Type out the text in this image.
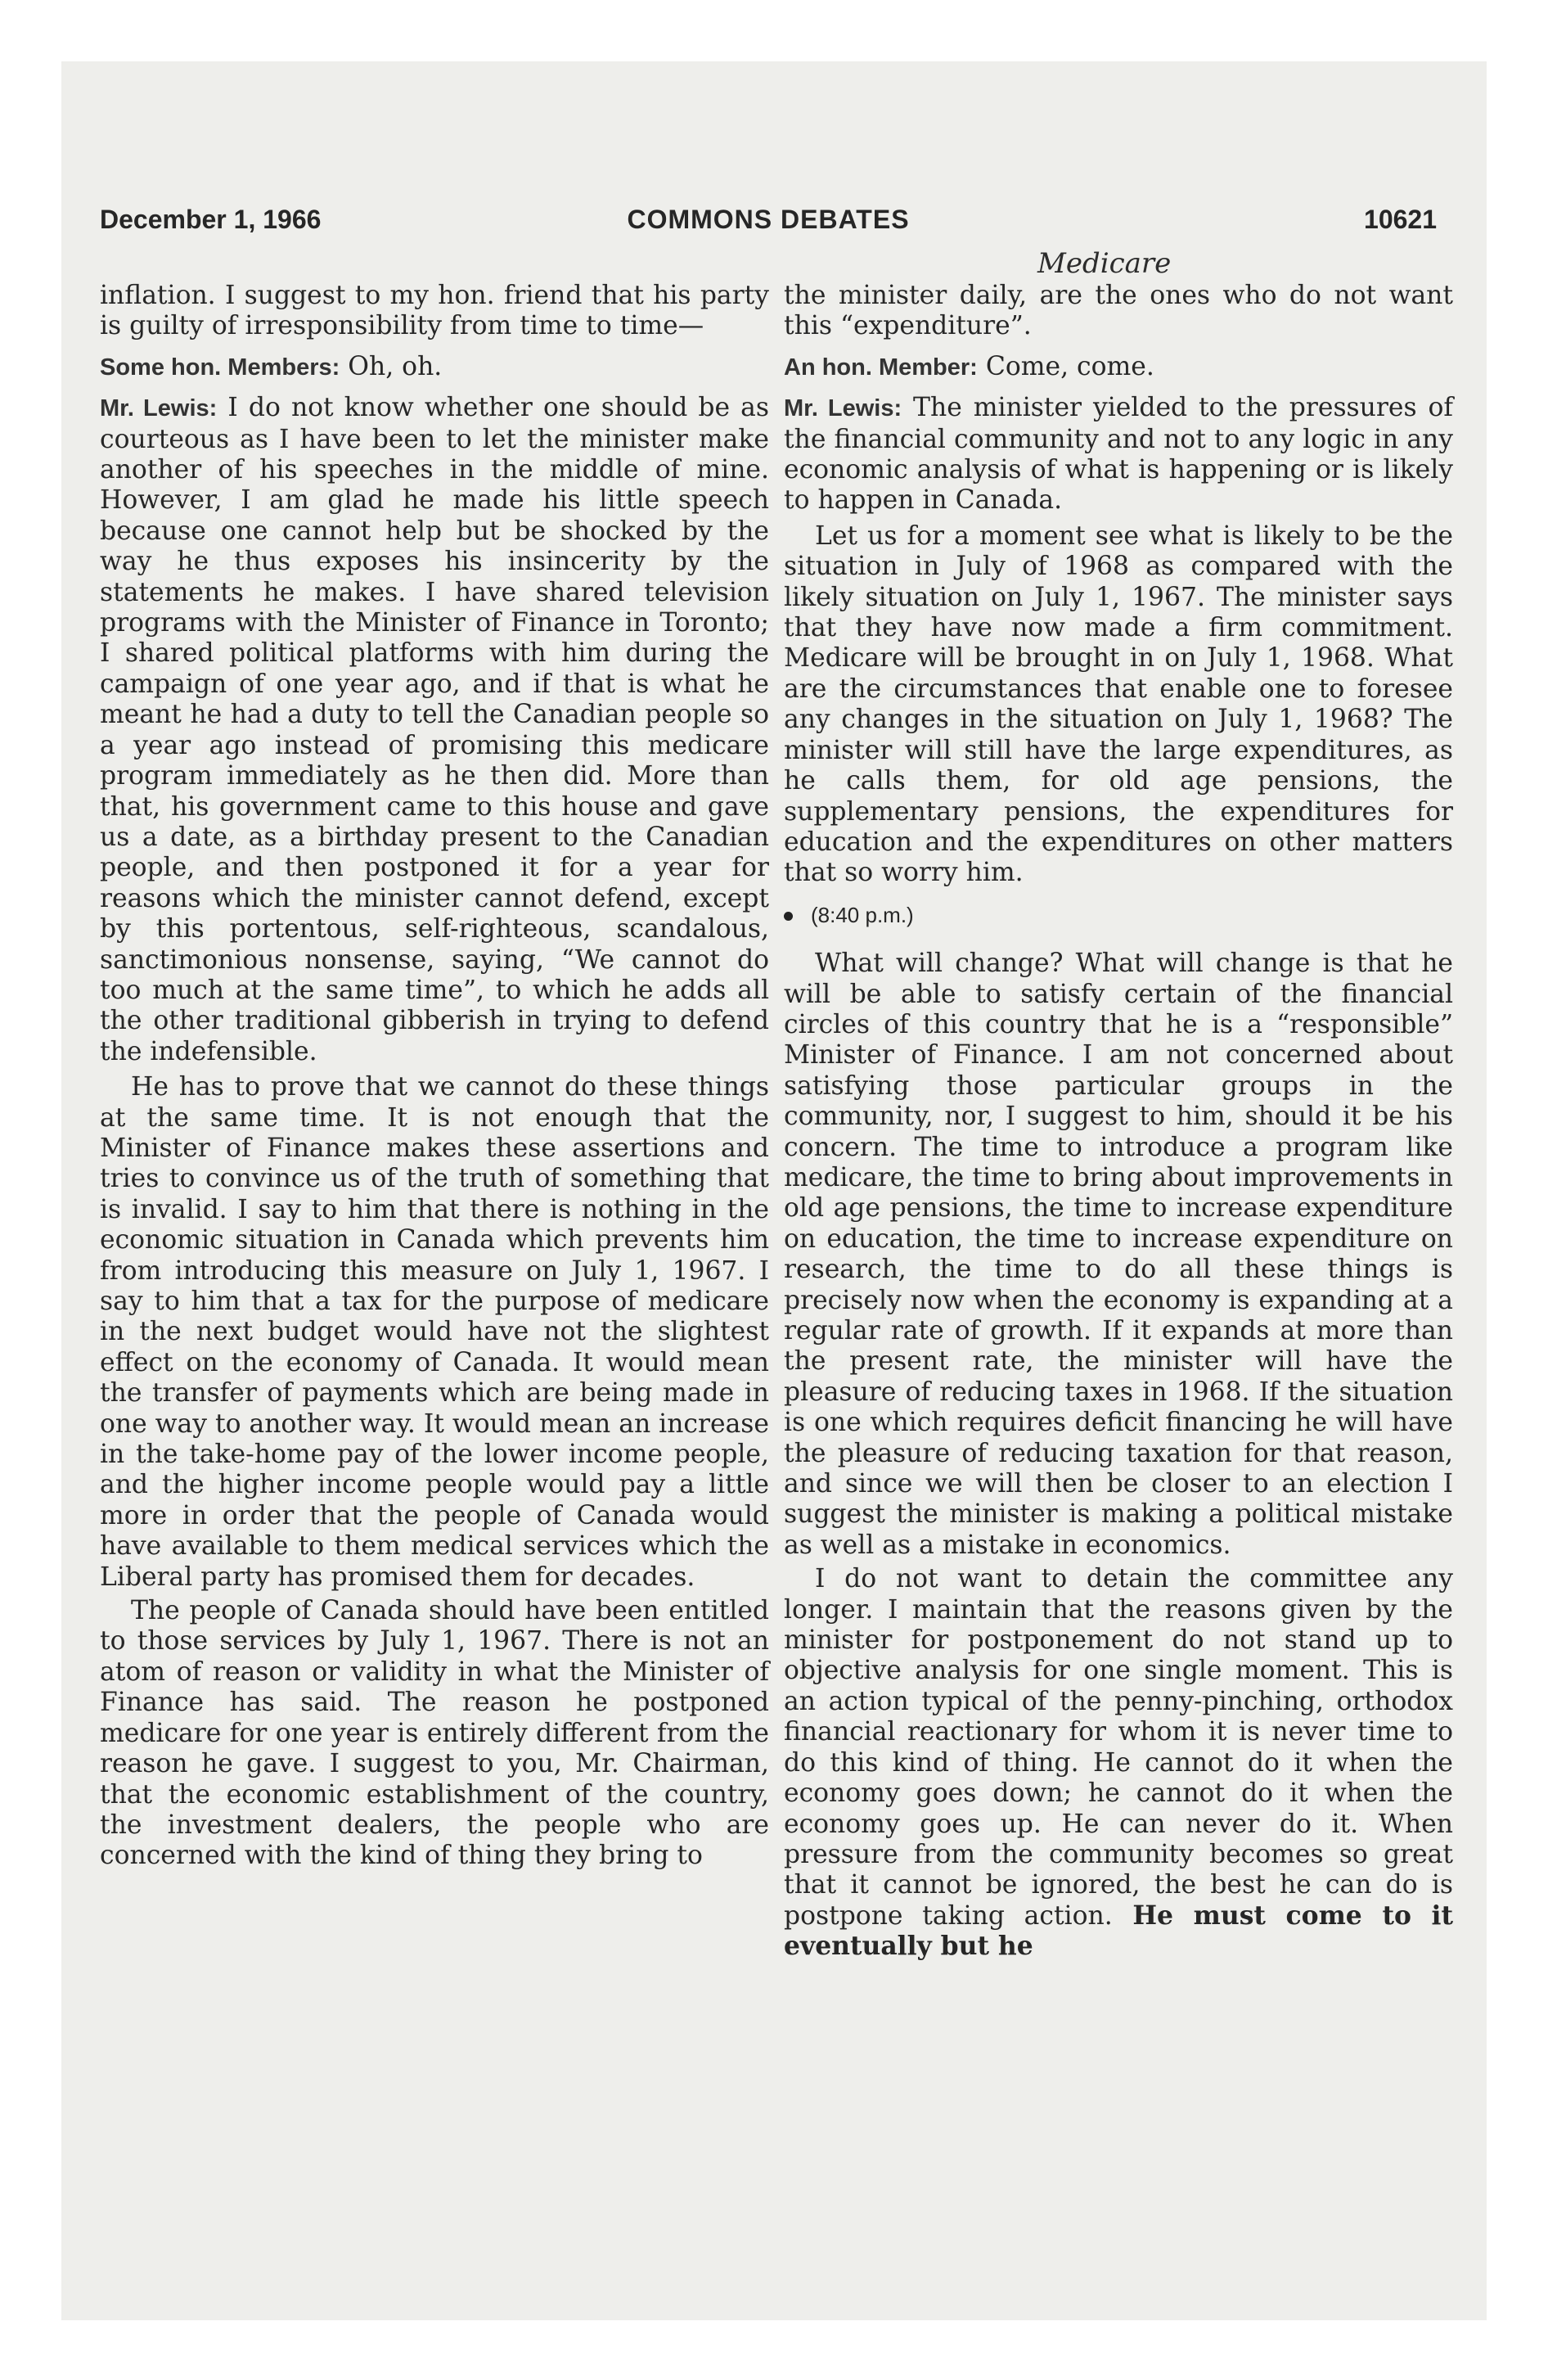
December 1, 1966	COMMONS DEBATES	10621
Medicare

inflation. I suggest to my hon. friend that his party is guilty of irresponsibility from time to time—

Some hon. Members: Oh, oh.

Mr. Lewis: I do not know whether one should be as courteous as I have been to let the minister make another of his speeches in the middle of mine. However, I am glad he made his little speech because one cannot help but be shocked by the way he thus exposes his insincerity by the statements he makes. I have shared television programs with the Minister of Finance in Toronto; I shared political platforms with him during the campaign of one year ago, and if that is what he meant he had a duty to tell the Canadian people so a year ago instead of promising this medicare program immediately as he then did. More than that, his government came to this house and gave us a date, as a birthday present to the Canadian people, and then postponed it for a year for reasons which the minister cannot defend, except by this portentous, self-righteous, scandalous, sanctimonious nonsense, saying, “We cannot do too much at the same time”, to which he adds all the other traditional gibberish in trying to defend the indefensible.

He has to prove that we cannot do these things at the same time. It is not enough that the Minister of Finance makes these assertions and tries to convince us of the truth of something that is invalid. I say to him that there is nothing in the economic situation in Canada which prevents him from introducing this measure on July 1, 1967. I say to him that a tax for the purpose of medicare in the next budget would have not the slightest effect on the economy of Canada. It would mean the transfer of payments which are being made in one way to another way. It would mean an increase in the take-home pay of the lower income people, and the higher income people would pay a little more in order that the people of Canada would have available to them medical services which the Liberal party has promised them for decades.

The people of Canada should have been entitled to those services by July 1, 1967. There is not an atom of reason or validity in what the Minister of Finance has said. The reason he postponed medicare for one year is entirely different from the reason he gave. I suggest to you, Mr. Chairman, that the economic establishment of the country, the investment dealers, the people who are concerned with the kind of thing they bring to

the minister daily, are the ones who do not want this “expenditure”.

An hon. Member: Come, come.

Mr. Lewis: The minister yielded to the pressures of the financial community and not to any logic in any economic analysis of what is happening or is likely to happen in Canada.

Let us for a moment see what is likely to be the situation in July of 1968 as compared with the likely situation on July 1, 1967. The minister says that they have now made a firm commitment. Medicare will be brought in on July 1, 1968. What are the circumstances that enable one to foresee any changes in the situation on July 1, 1968? The minister will still have the large expenditures, as he calls them, for old age pensions, the supplementary pensions, the expenditures for education and the expenditures on other matters that so worry him.

(8:40 p.m.)

What will change? What will change is that he will be able to satisfy certain of the financial circles of this country that he is a “responsible” Minister of Finance. I am not concerned about satisfying those particular groups in the community, nor, I suggest to him, should it be his concern. The time to introduce a program like medicare, the time to bring about improvements in old age pensions, the time to increase expenditure on education, the time to increase expenditure on research, the time to do all these things is precisely now when the economy is expanding at a regular rate of growth. If it expands at more than the present rate, the minister will have the pleasure of reducing taxes in 1968. If the situation is one which requires deficit financing he will have the pleasure of reducing taxation for that reason, and since we will then be closer to an election I suggest the minister is making a political mistake as well as a mistake in economics.

I do not want to detain the committee any longer. I maintain that the reasons given by the minister for postponement do not stand up to objective analysis for one single moment. This is an action typical of the penny-pinching, orthodox financial reactionary for whom it is never time to do this kind of thing. He cannot do it when the economy goes down; he cannot do it when the economy goes up. He can never do it. When pressure from the community becomes so great that it cannot be ignored, the best he can do is postpone taking action. He must come to it eventually but he
